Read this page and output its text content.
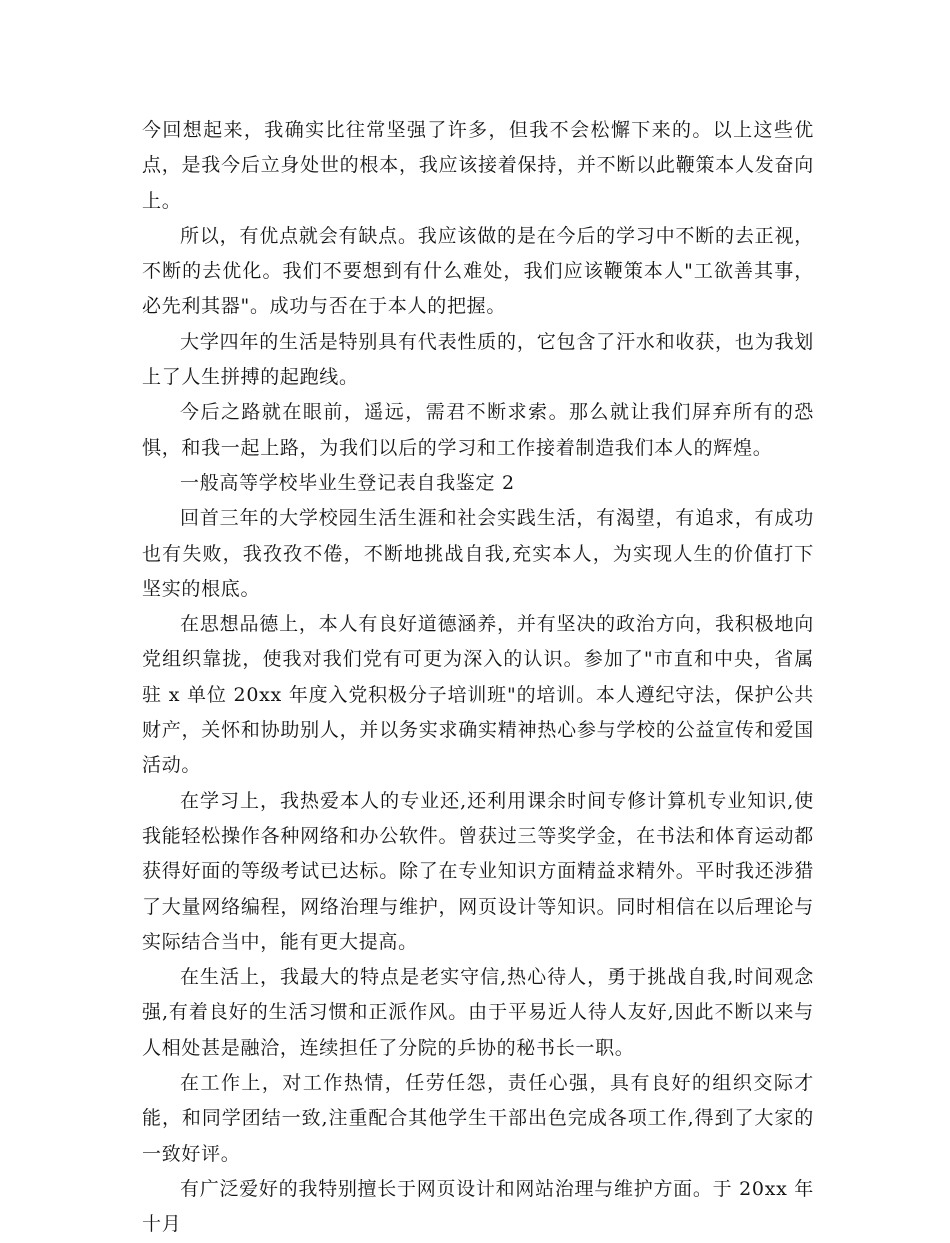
今回想起来，我确实比往常坚强了许多，但我不会松懈下来的。以上这些优点，是我今后立身处世的根本，我应该接着保持，并不断以此鞭策本人发奋向上。

所以，有优点就会有缺点。我应该做的是在今后的学习中不断的去正视，不断的去优化。我们不要想到有什么难处，我们应该鞭策本人"工欲善其事，必先利其器"。成功与否在于本人的把握。

大学四年的生活是特别具有代表性质的，它包含了汗水和收获，也为我划上了人生拼搏的起跑线。

今后之路就在眼前，遥远，需君不断求索。那么就让我们屏弃所有的恐惧，和我一起上路，为我们以后的学习和工作接着制造我们本人的辉煌。

一般高等学校毕业生登记表自我鉴定 2

回首三年的大学校园生活生涯和社会实践生活，有渴望，有追求，有成功也有失败，我孜孜不倦，不断地挑战自我,充实本人，为实现人生的价值打下坚实的根底。

在思想品德上，本人有良好道德涵养，并有坚决的政治方向，我积极地向党组织靠拢，使我对我们党有可更为深入的认识。参加了"市直和中央，省属驻 x 单位 20xx 年度入党积极分子培训班"的培训。本人遵纪守法，保护公共财产，关怀和协助别人，并以务实求确实精神热心参与学校的公益宣传和爱国活动。

在学习上，我热爱本人的专业还,还利用课余时间专修计算机专业知识,使我能轻松操作各种网络和办公软件。曾获过三等奖学金，在书法和体育运动都获得好面的等级考试已达标。除了在专业知识方面精益求精外。平时我还涉猎了大量网络编程，网络治理与维护，网页设计等知识。同时相信在以后理论与实际结合当中，能有更大提高。

在生活上，我最大的特点是老实守信,热心待人，勇于挑战自我,时间观念强,有着良好的生活习惯和正派作风。由于平易近人待人友好,因此不断以来与人相处甚是融洽，连续担任了分院的乒协的秘书长一职。

在工作上，对工作热情，任劳任怨，责任心强，具有良好的组织交际才能，和同学团结一致,注重配合其他学生干部出色完成各项工作,得到了大家的一致好评。

有广泛爱好的我特别擅长于网页设计和网站治理与维护方面。于 20xx 年十月
